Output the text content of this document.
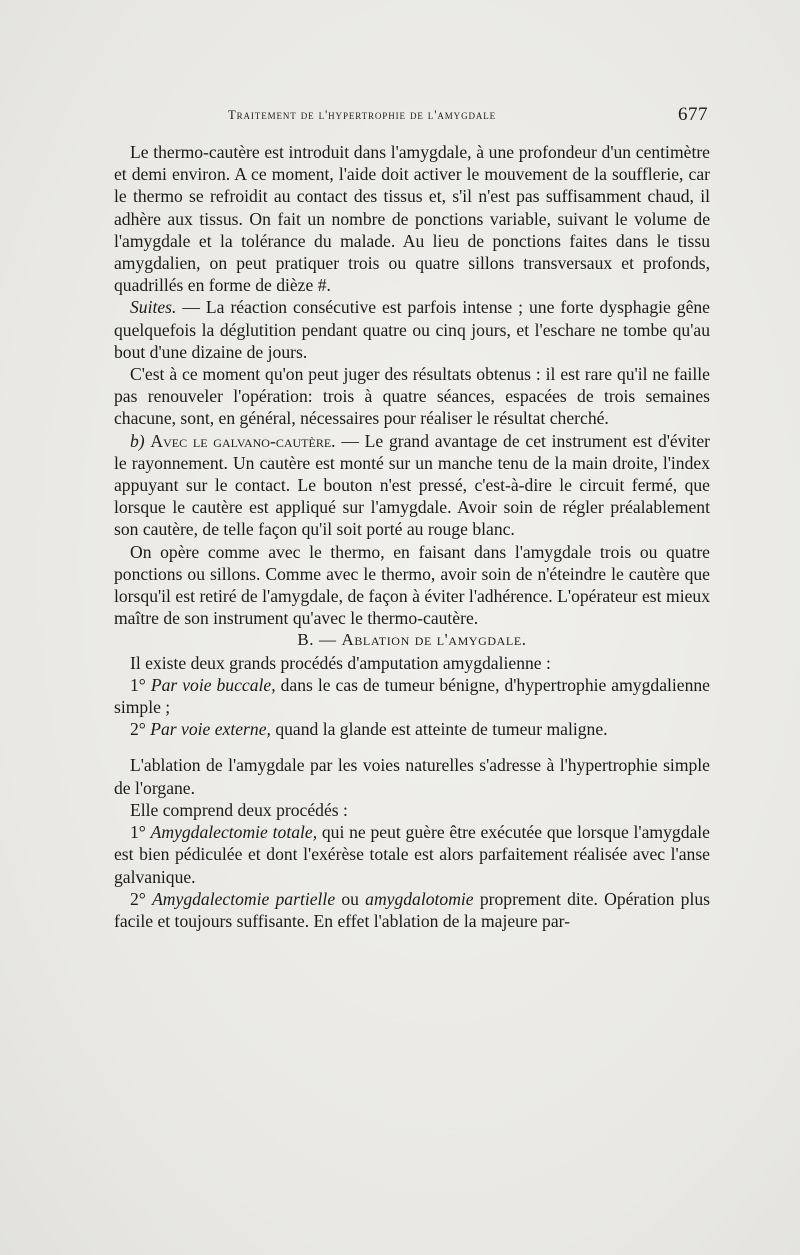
Traitement de l'hypertrophie de l'amygdale	677

Le thermo-cautère est introduit dans l'amygdale, à une profondeur d'un centimètre et demi environ. A ce moment, l'aide doit activer le mouvement de la soufflerie, car le thermo se refroidit au contact des tissus et, s'il n'est pas suffisamment chaud, il adhère aux tissus. On fait un nombre de ponctions variable, suivant le volume de l'amygdale et la tolérance du malade. Au lieu de ponctions faites dans le tissu amygdalien, on peut pratiquer trois ou quatre sillons transversaux et profonds, quadrillés en forme de dièze #.

Suites. — La réaction consécutive est parfois intense ; une forte dysphagie gêne quelquefois la déglutition pendant quatre ou cinq jours, et l'eschare ne tombe qu'au bout d'une dizaine de jours.

C'est à ce moment qu'on peut juger des résultats obtenus : il est rare qu'il ne faille pas renouveler l'opération: trois à quatre séances, espacées de trois semaines chacune, sont, en général, nécessaires pour réaliser le résultat cherché.

b) Avec le galvano-cautère. — Le grand avantage de cet instrument est d'éviter le rayonnement. Un cautère est monté sur un manche tenu de la main droite, l'index appuyant sur le contact. Le bouton n'est pressé, c'est-à-dire le circuit fermé, que lorsque le cautère est appliqué sur l'amygdale. Avoir soin de régler préalablement son cautère, de telle façon qu'il soit porté au rouge blanc.

On opère comme avec le thermo, en faisant dans l'amygdale trois ou quatre ponctions ou sillons. Comme avec le thermo, avoir soin de n'éteindre le cautère que lorsqu'il est retiré de l'amygdale, de façon à éviter l'adhérence. L'opérateur est mieux maître de son instrument qu'avec le thermo-cautère.

B. — Ablation de l'amygdale.

Il existe deux grands procédés d'amputation amygdalienne :

1° Par voie buccale, dans le cas de tumeur bénigne, d'hypertrophie amygdalienne simple ;

2° Par voie externe, quand la glande est atteinte de tumeur maligne.

L'ablation de l'amygdale par les voies naturelles s'adresse à l'hypertrophie simple de l'organe.

Elle comprend deux procédés :

1° Amygdalectomie totale, qui ne peut guère être exécutée que lorsque l'amygdale est bien pédiculée et dont l'exérèse totale est alors parfaitement réalisée avec l'anse galvanique.

2° Amygdalectomie partielle ou amygdalotomie proprement dite. Opération plus facile et toujours suffisante. En effet l'ablation de la majeure par-
